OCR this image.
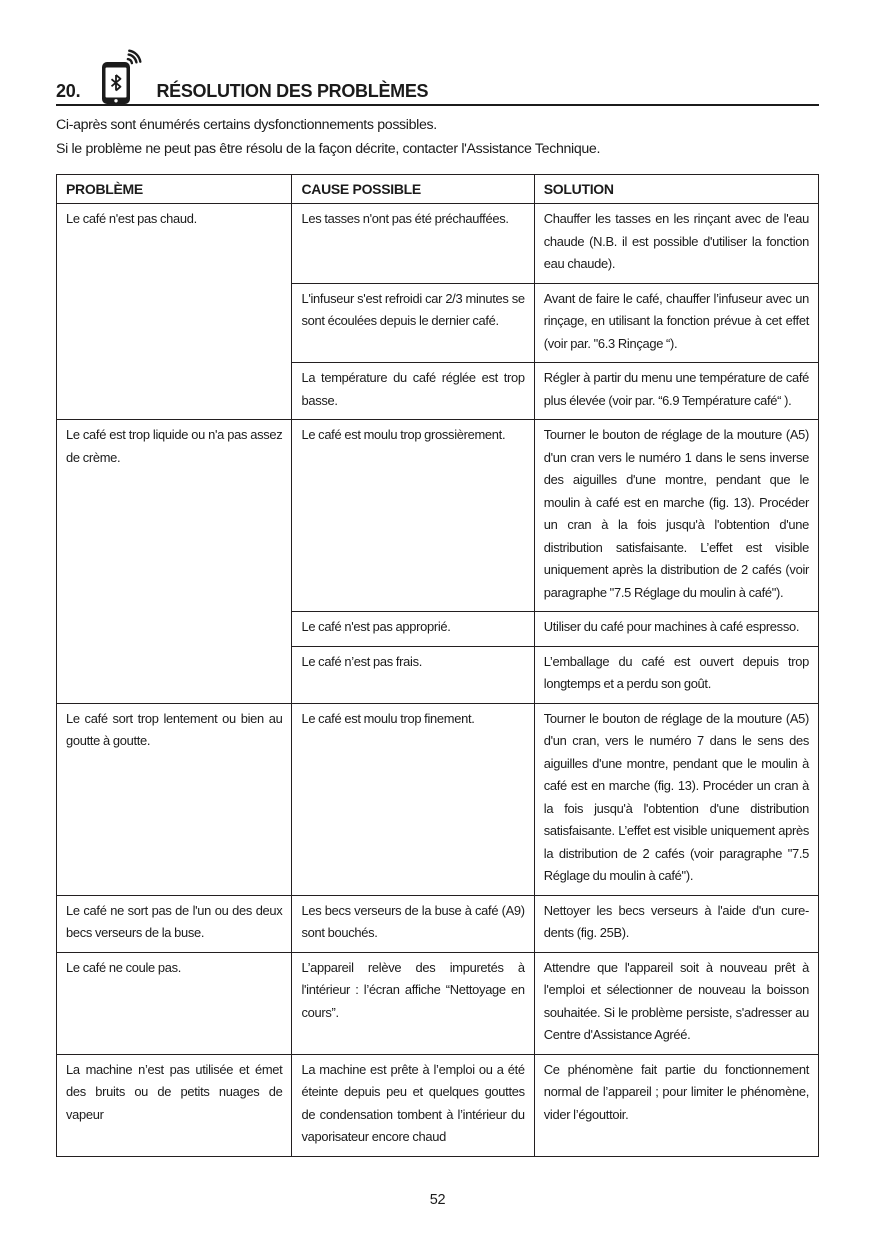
20.	RÉSOLUTION DES PROBLÈMES
Ci-après sont énumérés certains dysfonctionnements possibles.
Si le problème ne peut pas être résolu de la façon décrite, contacter l'Assistance Technique.
PROBLÈME	CAUSE POSSIBLE	SOLUTION
Le café n'est pas chaud.	Les tasses n'ont pas été préchauffées.	Chauffer les tasses en les rinçant avec de l'eau chaude (N.B. il est possible d'utiliser la fonction eau chaude).
	L'infuseur s'est refroidi car 2/3 minutes se sont écoulées depuis le dernier café.	Avant de faire le café, chauffer l’infuseur avec un rinçage, en utilisant la fonction prévue à cet effet (voir par. "6.3 Rinçage “).
	La température du café réglée est trop basse.	Régler à partir du menu une température de café plus élevée (voir par. “6.9 Température café“ ).
Le café est trop liquide ou n'a pas assez de crème.	Le café est moulu trop grossièrement.	Tourner le bouton de réglage de la mouture (A5) d'un cran vers le numéro 1 dans le sens inverse des aiguilles d'une montre, pendant que le moulin à café est en marche (fig. 13). Procéder un cran à la fois jusqu'à l'obtention d'une distribution satisfaisante. L’effet est visible uniquement après la distribution de 2 cafés (voir paragraphe "7.5 Réglage du moulin à café").
	Le café n'est pas approprié.	Utiliser du café pour machines à café espresso.
	Le café n’est pas frais.	L’emballage du café est ouvert depuis trop longtemps et a perdu son goût.
Le café sort trop lentement ou bien au goutte à goutte.	Le café est moulu trop finement.	Tourner le bouton de réglage de la mouture (A5) d'un cran, vers le numéro 7 dans le sens des aiguilles d'une montre, pendant que le moulin à café est en marche (fig. 13). Procéder un cran à la fois jusqu'à l'obtention d'une distribution satisfaisante. L’effet est visible uniquement après la distribution de 2 cafés (voir paragraphe "7.5 Réglage du moulin à café").
Le café ne sort pas de l'un ou des deux becs verseurs de la buse.	Les becs verseurs de la buse à café (A9) sont bouchés.	Nettoyer les becs verseurs à l'aide d'un cure-dents (fig. 25B).
Le café ne coule pas.	L’appareil relève des impuretés à l'intérieur : l’écran affiche “Nettoyage en cours”.	Attendre que l'appareil soit à nouveau prêt à l'emploi et sélectionner de nouveau la boisson souhaitée. Si le problème persiste, s'adresser au Centre d'Assistance Agréé.
La machine n’est pas utilisée et émet des bruits ou de petits nuages de vapeur	La machine est prête à l’emploi ou a été éteinte depuis peu et quelques gouttes de condensation tombent à l’intérieur du vaporisateur encore chaud	Ce phénomène fait partie du fonctionnement normal de l’appareil ; pour limiter le phénomène, vider l’égouttoir.
52
